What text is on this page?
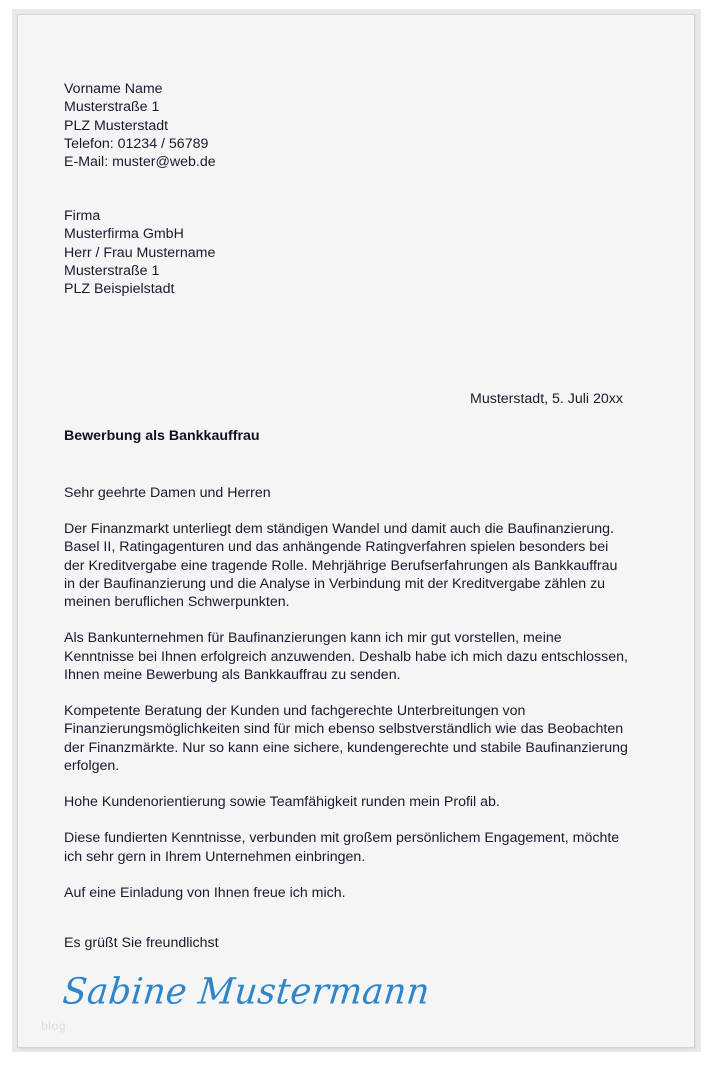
Vorname Name
Musterstraße 1
PLZ Musterstadt
Telefon: 01234 / 56789
E-Mail: muster@web.de
Firma
Musterfirma GmbH
Herr / Frau Mustername
Musterstraße 1
PLZ Beispielstadt
Musterstadt, 5. Juli 20xx
Bewerbung als Bankkauffrau
Sehr geehrte Damen und Herren

Der Finanzmarkt unterliegt dem ständigen Wandel und damit auch die Baufinanzierung. Basel II, Ratingagenturen und das anhängende Ratingverfahren spielen besonders bei der Kreditvergabe eine tragende Rolle. Mehrjährige Berufserfahrungen als Bankkauffrau in der Baufinanzierung und die Analyse in Verbindung mit der Kreditvergabe zählen zu meinen beruflichen Schwerpunkten.

Als Bankunternehmen für Baufinanzierungen kann ich mir gut vorstellen, meine Kenntnisse bei Ihnen erfolgreich anzuwenden. Deshalb habe ich mich dazu entschlossen, Ihnen meine Bewerbung als Bankkauffrau zu senden.

Kompetente Beratung der Kunden und fachgerechte Unterbreitungen von Finanzierungsmöglichkeiten sind für mich ebenso selbstverständlich wie das Beobachten der Finanzmärkte. Nur so kann eine sichere, kundengerechte und stabile Baufinanzierung erfolgen.

Hohe Kundenorientierung sowie Teamfähigkeit runden mein Profil ab.

Diese fundierten Kenntnisse, verbunden mit großem persönlichem Engagement, möchte ich sehr gern in Ihrem Unternehmen einbringen.

Auf eine Einladung von Ihnen freue ich mich.

Es grüßt Sie freundlichst
Sabine Mustermann
blog
